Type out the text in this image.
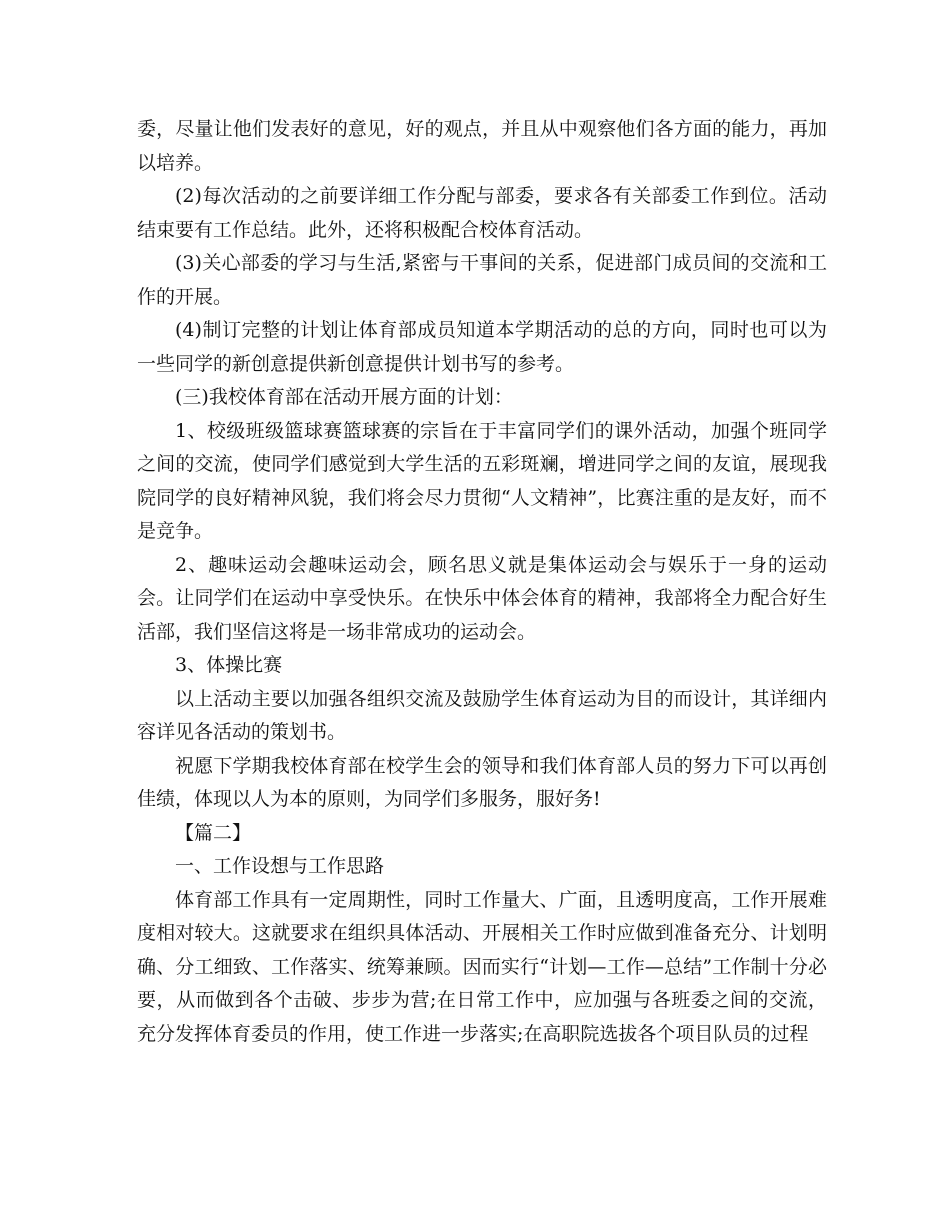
委，尽量让他们发表好的意见，好的观点，并且从中观察他们各方面的能力，再加以培养。

(2)每次活动的之前要详细工作分配与部委，要求各有关部委工作到位。活动结束要有工作总结。此外，还将积极配合校体育活动。

(3)关心部委的学习与生活,紧密与干事间的关系，促进部门成员间的交流和工作的开展。

(4)制订完整的计划让体育部成员知道本学期活动的总的方向，同时也可以为一些同学的新创意提供新创意提供计划书写的参考。

(三)我校体育部在活动开展方面的计划：

1、校级班级篮球赛篮球赛的宗旨在于丰富同学们的课外活动，加强个班同学之间的交流，使同学们感觉到大学生活的五彩斑斓，增进同学之间的友谊，展现我院同学的良好精神风貌，我们将会尽力贯彻“人文精神”，比赛注重的是友好，而不是竞争。

2、趣味运动会趣味运动会，顾名思义就是集体运动会与娱乐于一身的运动会。让同学们在运动中享受快乐。在快乐中体会体育的精神，我部将全力配合好生活部，我们坚信这将是一场非常成功的运动会。

3、体操比赛

以上活动主要以加强各组织交流及鼓励学生体育运动为目的而设计，其详细内容详见各活动的策划书。

祝愿下学期我校体育部在校学生会的领导和我们体育部人员的努力下可以再创佳绩，体现以人为本的原则，为同学们多服务，服好务!

【篇二】

一、工作设想与工作思路

体育部工作具有一定周期性，同时工作量大、广面，且透明度高，工作开展难度相对较大。这就要求在组织具体活动、开展相关工作时应做到准备充分、计划明确、分工细致、工作落实、统筹兼顾。因而实行“计划—工作—总结”工作制十分必要，从而做到各个击破、步步为营;在日常工作中，应加强与各班委之间的交流，充分发挥体育委员的作用，使工作进一步落实;在高职院选拔各个项目队员的过程
